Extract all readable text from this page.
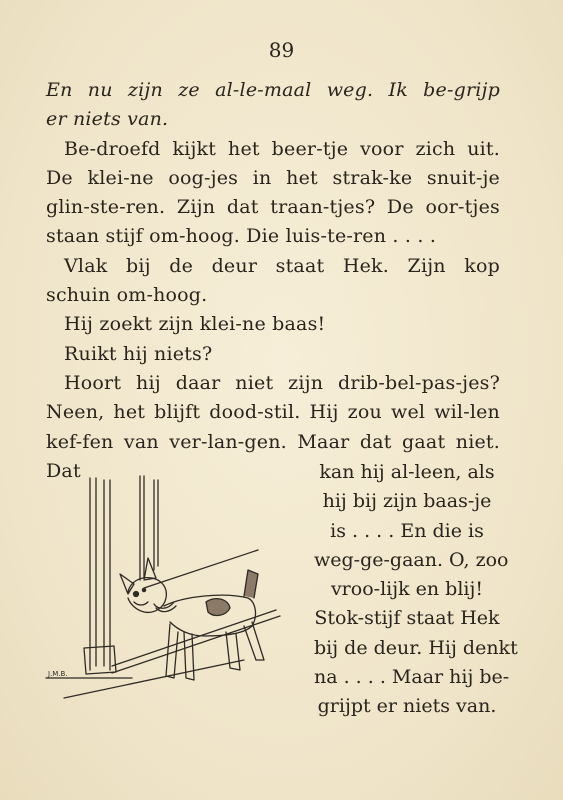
89

En nu zijn ze al-le-maal weg. Ik be-grijp
er niets van.

Be-droefd kijkt het beer-tje voor zich uit.
De klei-ne oog-jes in het strak-ke snuit-je
glin-ste-ren. Zijn dat traan-tjes? De oor-tjes
staan stijf om-hoog. Die luis-te-ren . . . .

Vlak bij de deur staat Hek. Zijn kop
schuin om-hoog.

Hij zoekt zijn klei-ne baas!

Ruikt hij niets?

Hoort hij daar niet zijn drib-bel-pas-jes?
Neen, het blijft dood-stil. Hij zou wel wil-len
kef-fen van ver-lan-gen. Maar dat gaat niet. Dat	kan hij al-leen, als
hij bij zijn baas-je
is . . . . En die is
weg-ge-gaan. O, zoo
vroo-lijk en blij!
Stok-stijf staat Hek
bij de deur. Hij denkt
na . . . . Maar hij be-
grijpt er niets van.
J.M.B.
